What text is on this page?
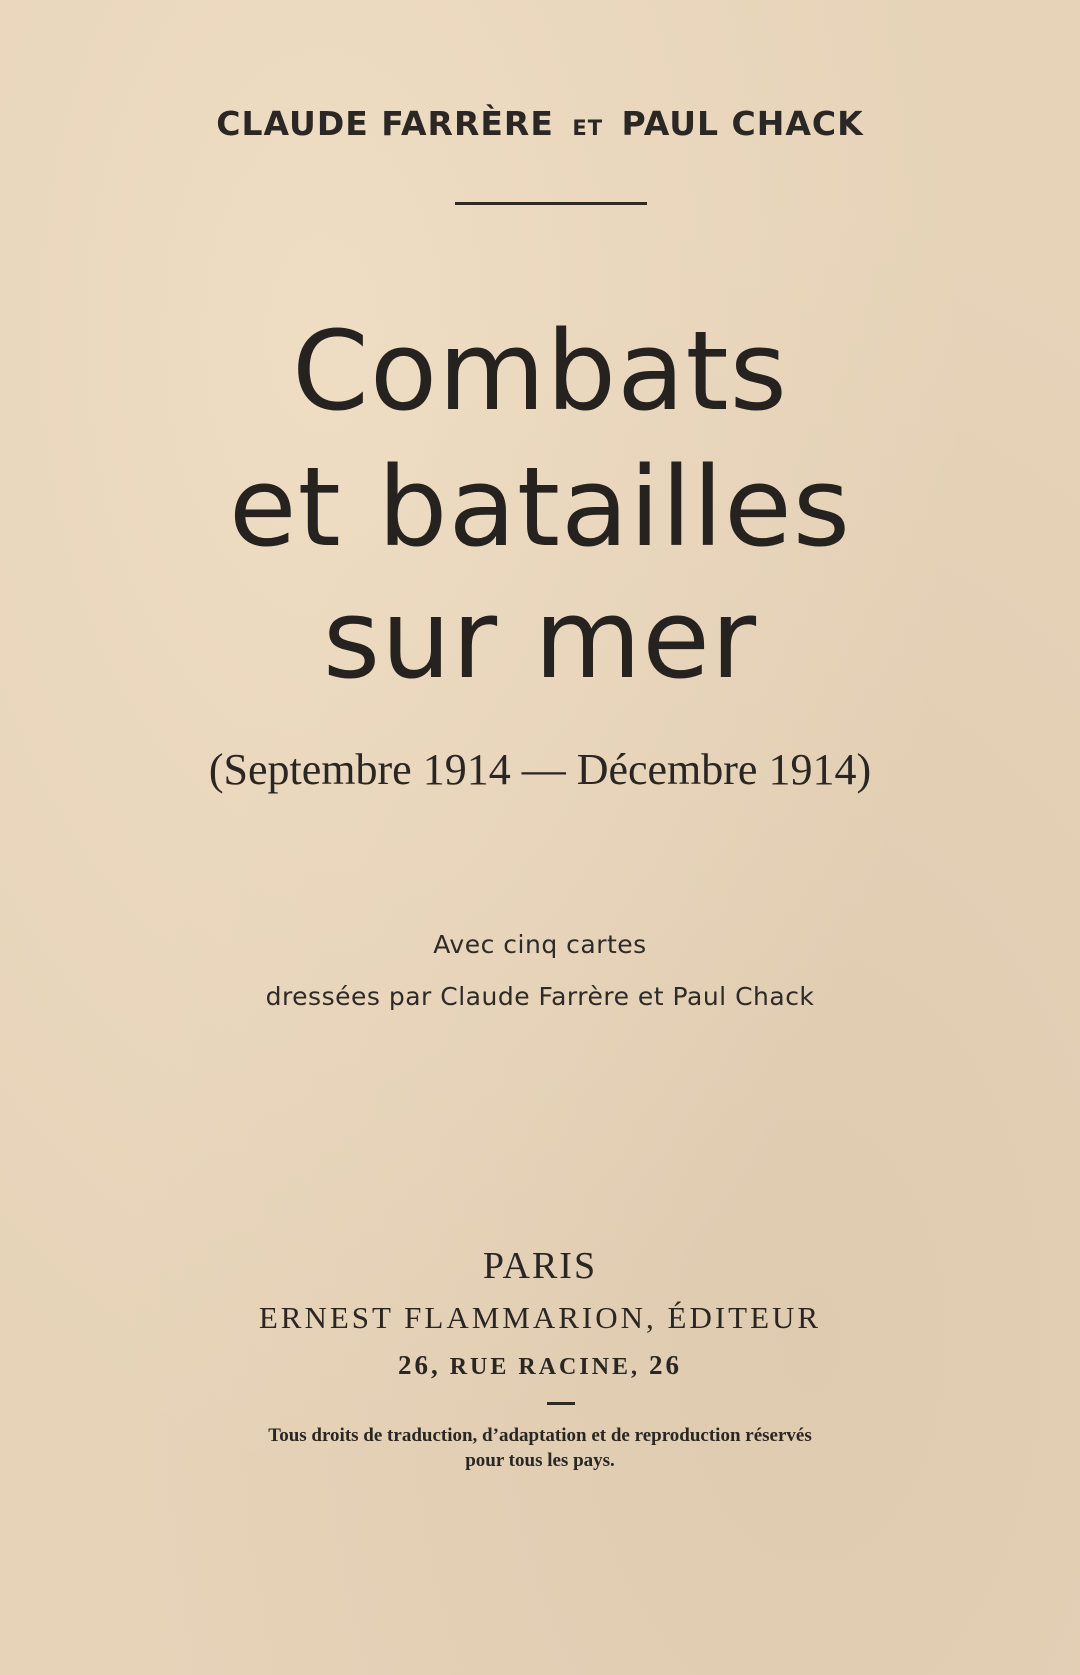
CLAUDE FARRÈRE ET PAUL CHACK
Combats
et batailles
sur mer
(Septembre 1914 — Décembre 1914)
Avec cinq cartes
dressées par Claude Farrère et Paul Chack
PARIS
ERNEST FLAMMARION, ÉDITEUR
26, RUE RACINE, 26
Tous droits de traduction, d’adaptation et de reproduction réservés
pour tous les pays.
